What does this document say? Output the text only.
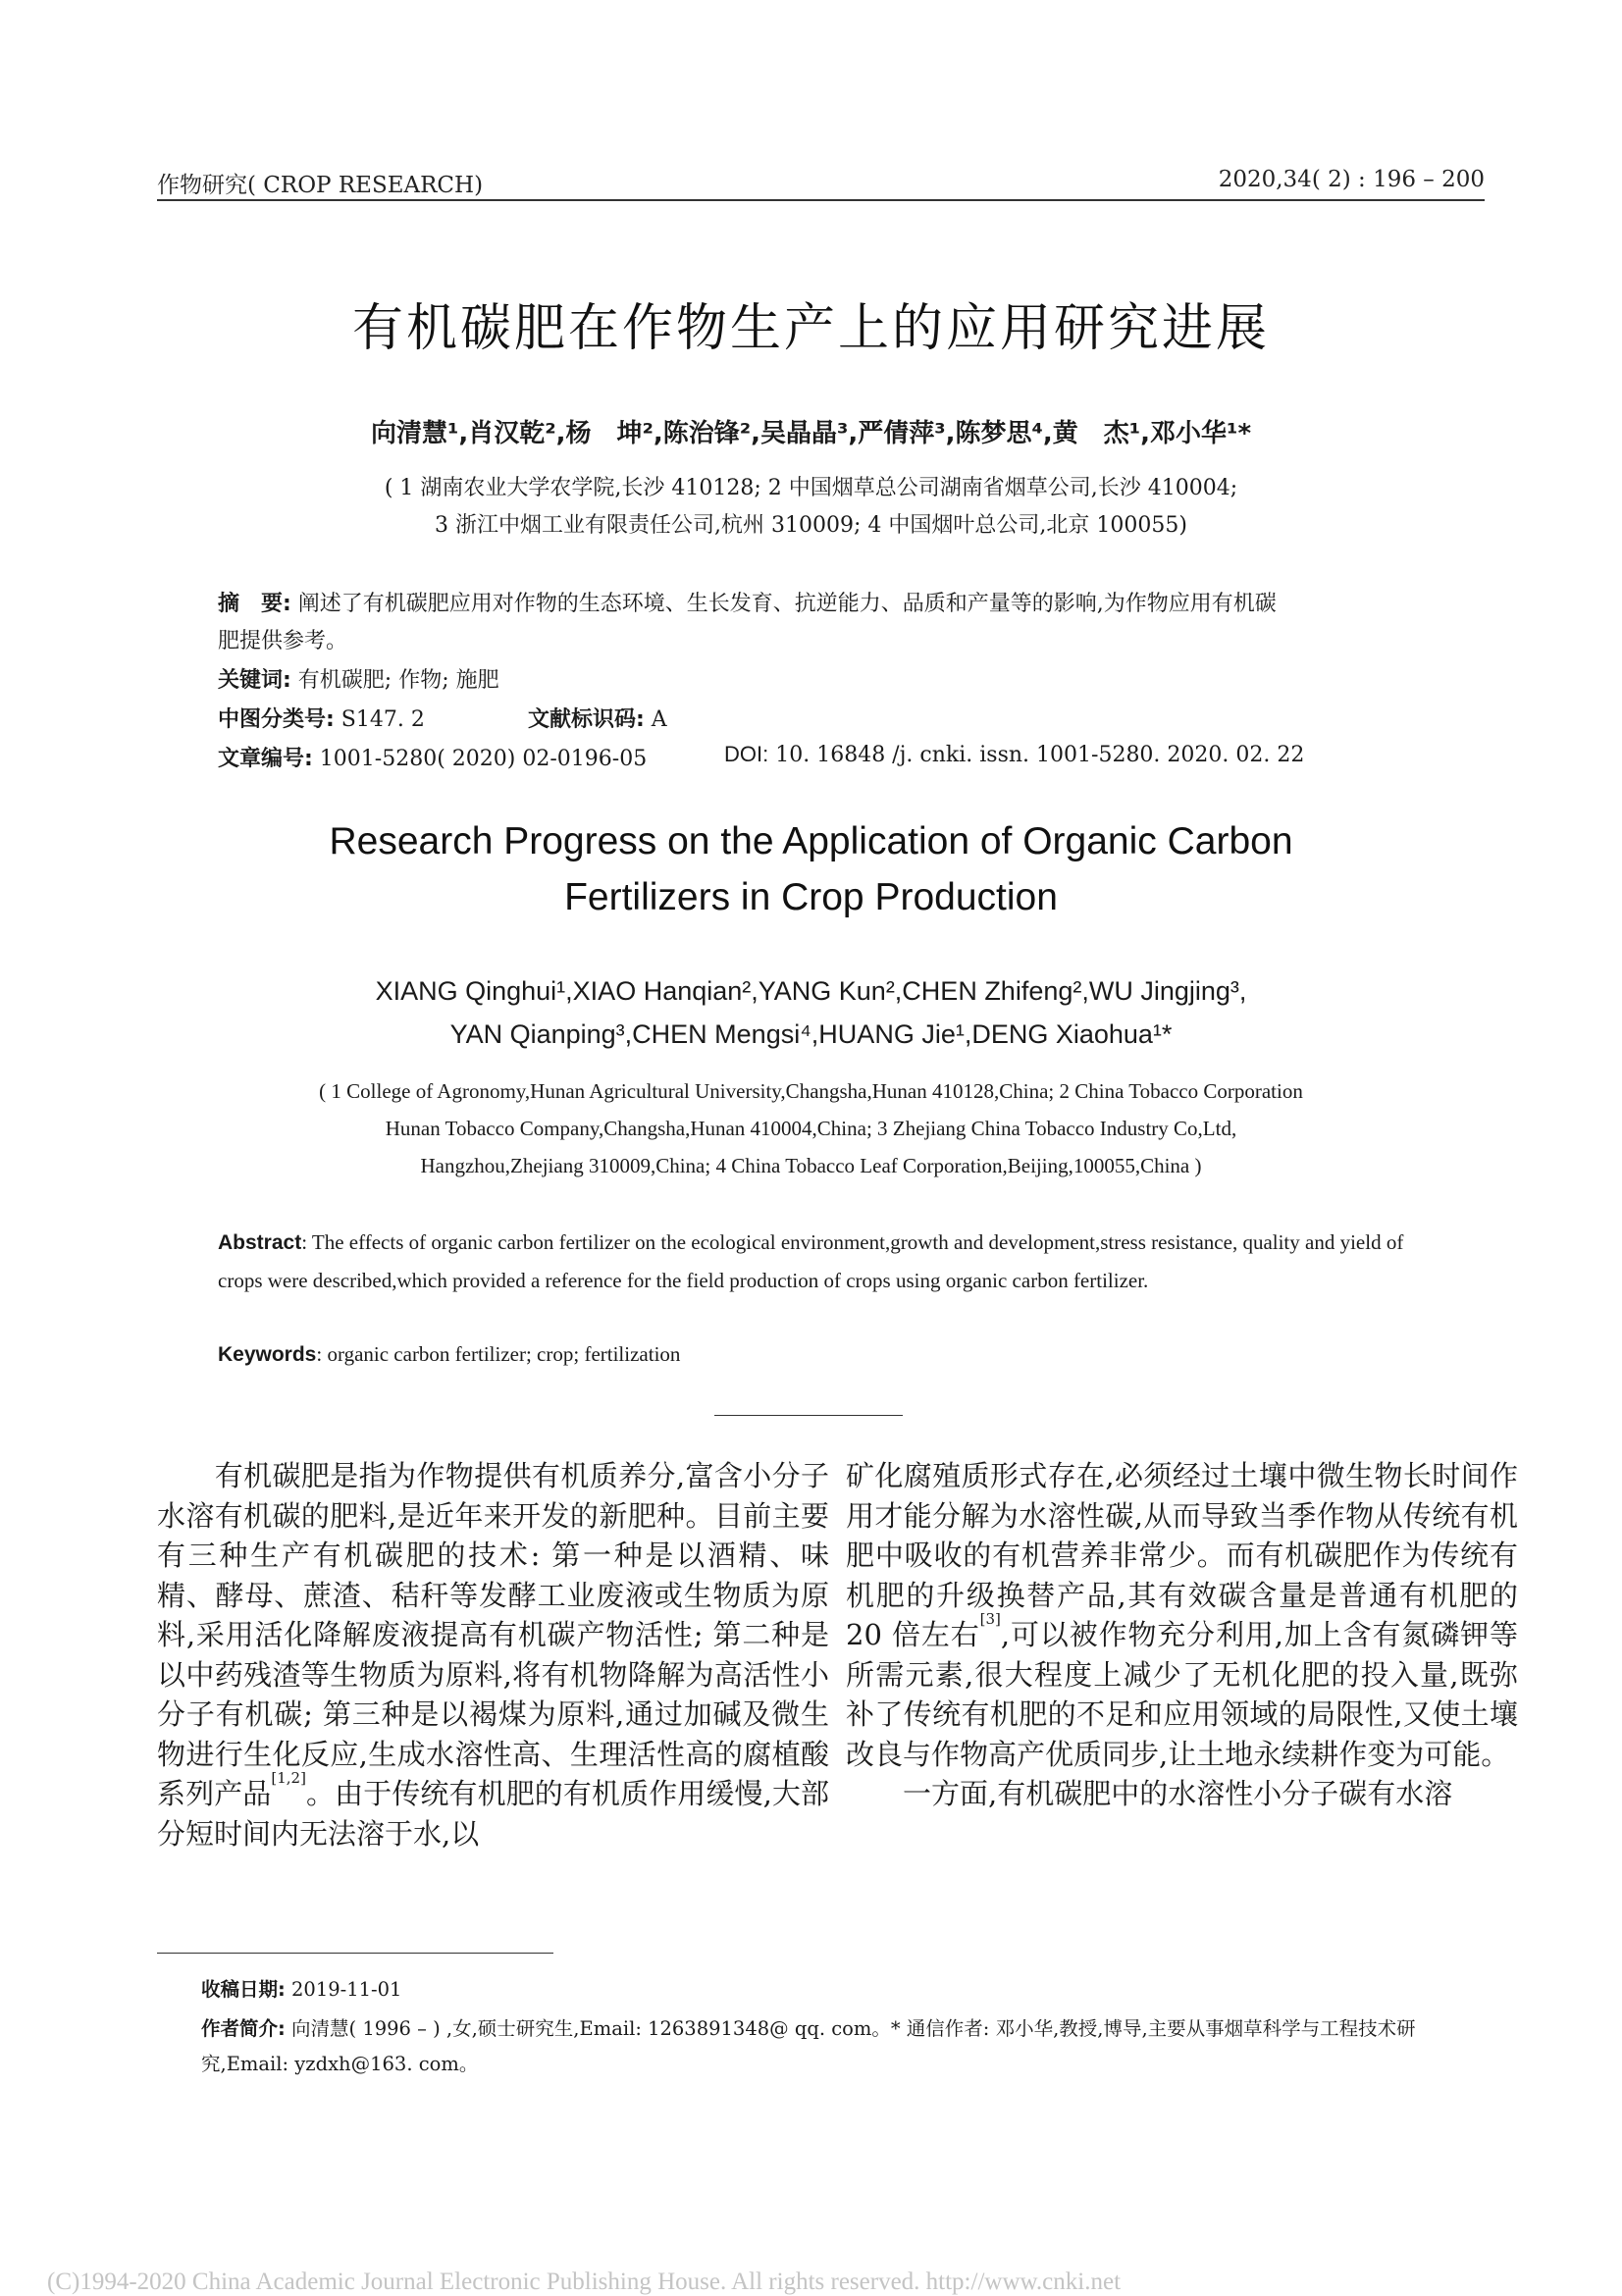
作物研究( CROP RESEARCH)	2020,34( 2) : 196 – 200
有机碳肥在作物生产上的应用研究进展
向清慧¹,肖汉乾²,杨　坤²,陈治锋²,吴晶晶³,严倩萍³,陈梦思⁴,黄　杰¹,邓小华¹*
( 1 湖南农业大学农学院,长沙 410128; 2 中国烟草总公司湖南省烟草公司,长沙 410004;
3 浙江中烟工业有限责任公司,杭州 310009; 4 中国烟叶总公司,北京 100055)
摘　要: 阐述了有机碳肥应用对作物的生态环境、生长发育、抗逆能力、品质和产量等的影响,为作物应用有机碳
肥提供参考。
关键词: 有机碳肥; 作物; 施肥
中图分类号: S147. 2	文献标识码: A
文章编号: 1001-5280( 2020) 02-0196-05	DOI: 10. 16848 /j. cnki. issn. 1001-5280. 2020. 02. 22
Research Progress on the Application of Organic Carbon
Fertilizers in Crop Production
XIANG Qinghui¹,XIAO Hanqian²,YANG Kun²,CHEN Zhifeng²,WU Jingjing³,
YAN Qianping³,CHEN Mengsi⁴,HUANG Jie¹,DENG Xiaohua¹*
( 1 College of Agronomy,Hunan Agricultural University,Changsha,Hunan 410128,China; 2 China Tobacco Corporation
Hunan Tobacco Company,Changsha,Hunan 410004,China; 3 Zhejiang China Tobacco Industry Co,Ltd,
Hangzhou,Zhejiang 310009,China; 4 China Tobacco Leaf Corporation,Beijing,100055,China )
Abstract: The effects of organic carbon fertilizer on the ecological environment,growth and development,stress resistance, quality and yield of crops were described,which provided a reference for the field production of crops using organic carbon fertilizer.
Keywords: organic carbon fertilizer; crop; fertilization

　　有机碳肥是指为作物提供有机质养分,富含小分子水溶有机碳的肥料,是近年来开发的新肥种。目前主要有三种生产有机碳肥的技术: 第一种是以酒精、味精、酵母、蔗渣、秸秆等发酵工业废液或生物质为原料,采用活化降解废液提高有机碳产物活性; 第二种是以中药残渣等生物质为原料,将有机物降解为高活性小分子有机碳; 第三种是以褐煤为原料,通过加碱及微生物进行生化反应,生成水溶性高、生理活性高的腐植酸系列产品[1,2]。由于传统有机肥的有机质作用缓慢,大部分短时间内无法溶于水,以

矿化腐殖质形式存在,必须经过土壤中微生物长时间作用才能分解为水溶性碳,从而导致当季作物从传统有机肥中吸收的有机营养非常少。而有机碳肥作为传统有机肥的升级换替产品,其有效碳含量是普通有机肥的 20 倍左右[3],可以被作物充分利用,加上含有氮磷钾等所需元素,很大程度上减少了无机化肥的投入量,既弥补了传统有机肥的不足和应用领域的局限性,又使土壤改良与作物高产优质同步,让土地永续耕作变为可能。

　　一方面,有机碳肥中的水溶性小分子碳有水溶

收稿日期: 2019-11-01
作者简介: 向清慧( 1996 – ) ,女,硕士研究生,Email: 1263891348@ qq. com。* 通信作者: 邓小华,教授,博导,主要从事烟草科学与工程技术研究,Email: yzdxh@163. com。
(C)1994-2020 China Academic Journal Electronic Publishing House. All rights reserved. http://www.cnki.net
